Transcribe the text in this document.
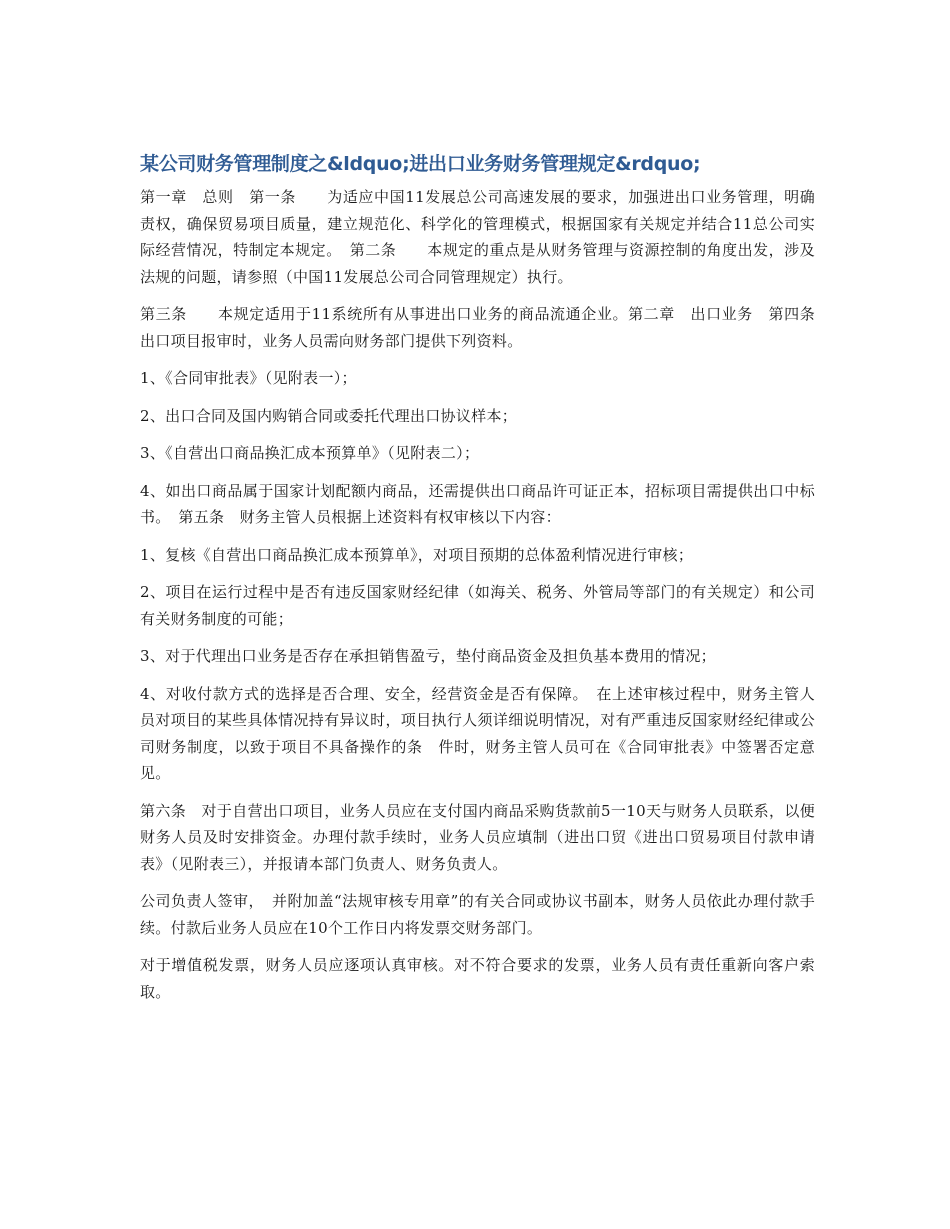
某公司财务管理制度之&ldquo;进出口业务财务管理规定&rdquo;

第一章　总则　第一条　　为适应中国11发展总公司高速发展的要求，加强进出口业务管理，明确责权，确保贸易项目质量，建立规范化、科学化的管理模式，根据国家有关规定并结合11总公司实际经营情况，特制定本规定。　第二条　　本规定的重点是从财务管理与资源控制的角度出发，涉及法规的问题，请参照（中国11发展总公司合同管理规定）执行。

第三条　　本规定适用于11系统所有从事进出口业务的商品流通企业。第二章　出口业务　第四条　　出口项目报审时，业务人员需向财务部门提供下列资料。

1、《合同审批表》（见附表一）；

2、出口合同及国内购销合同或委托代理出口协议样本；

3、《自营出口商品换汇成本预算单》（见附表二）；

4、如出口商品属于国家计划配额内商品，还需提供出口商品许可证正本，招标项目需提供出口中标书。　第五条　财务主管人员根据上述资料有权审核以下内容：

1、复核《自营出口商品换汇成本预算单》，对项目预期的总体盈利情况进行审核；

2、项目在运行过程中是否有违反国家财经纪律（如海关、税务、外管局等部门的有关规定）和公司有关财务制度的可能；

3、对于代理出口业务是否存在承担销售盈亏，垫付商品资金及担负基本费用的情况；

4、对收付款方式的选择是否合理、安全，经营资金是否有保障。　在上述审核过程中，财务主管人员对项目的某些具体情况持有异议时，项目执行人须详细说明情况，对有严重违反国家财经纪律或公司财务制度，以致于项目不具备操作的条　件时，财务主管人员可在《合同审批表》中签署否定意见。

第六条　对于自营出口项目，业务人员应在支付国内商品采购货款前5一10天与财务人员联系，以便财务人员及时安排资金。办理付款手续时，业务人员应填制（进出口贸《进出口贸易项目付款申请表》（见附表三），并报请本部门负责人、财务负责人。

公司负责人签审，　并附加盖“法规审核专用章”的有关合同或协议书副本，财务人员依此办理付款手续。付款后业务人员应在10个工作日内将发票交财务部门。

对于增值税发票，财务人员应逐项认真审核。对不符合要求的发票，业务人员有责任重新向客户索取。
